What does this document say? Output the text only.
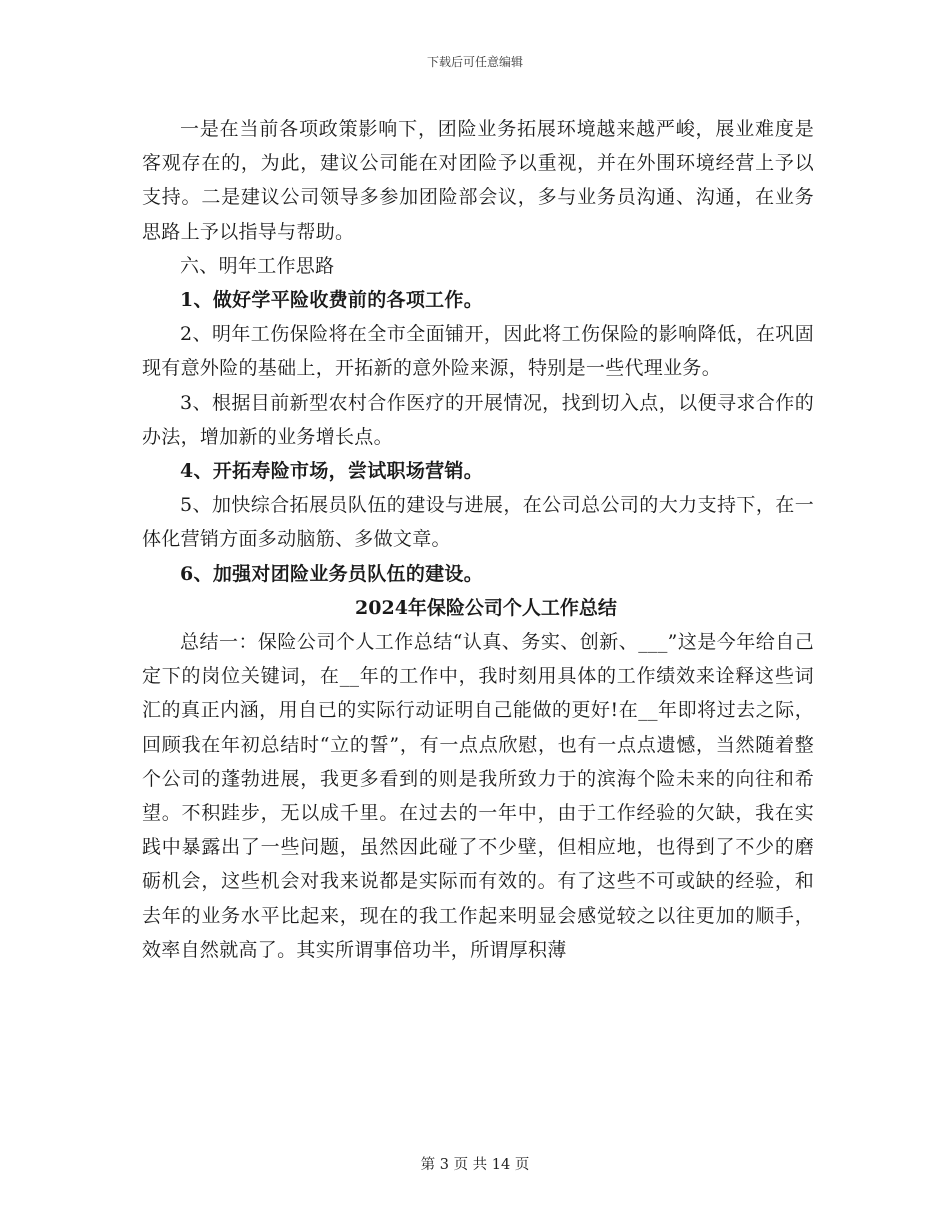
下载后可任意编辑

一是在当前各项政策影响下，团险业务拓展环境越来越严峻，展业难度是客观存在的，为此，建议公司能在对团险予以重视，并在外围环境经营上予以支持。二是建议公司领导多参加团险部会议，多与业务员沟通、沟通，在业务思路上予以指导与帮助。

六、明年工作思路

1、做好学平险收费前的各项工作。

2、明年工伤保险将在全市全面铺开，因此将工伤保险的影响降低，在巩固现有意外险的基础上，开拓新的意外险来源，特别是一些代理业务。

3、根据目前新型农村合作医疗的开展情况，找到切入点，以便寻求合作的办法，增加新的业务增长点。

4、开拓寿险市场，尝试职场营销。

5、加快综合拓展员队伍的建设与进展，在公司总公司的大力支持下，在一体化营销方面多动脑筋、多做文章。

6、加强对团险业务员队伍的建设。

2024年保险公司个人工作总结

总结一：保险公司个人工作总结“认真、务实、创新、___”这是今年给自己定下的岗位关键词，在__年的工作中，我时刻用具体的工作绩效来诠释这些词汇的真正内涵，用自已的实际行动证明自己能做的更好!在__年即将过去之际，回顾我在年初总结时“立的誓”，有一点点欣慰，也有一点点遗憾，当然随着整个公司的蓬勃进展，我更多看到的则是我所致力于的滨海个险未来的向往和希望。不积跬步，无以成千里。在过去的一年中，由于工作经验的欠缺，我在实践中暴露出了一些问题，虽然因此碰了不少壁，但相应地，也得到了不少的磨砺机会，这些机会对我来说都是实际而有效的。有了这些不可或缺的经验，和去年的业务水平比起来，现在的我工作起来明显会感觉较之以往更加的顺手，效率自然就高了。其实所谓事倍功半，所谓厚积薄

第 3 页 共 14 页
